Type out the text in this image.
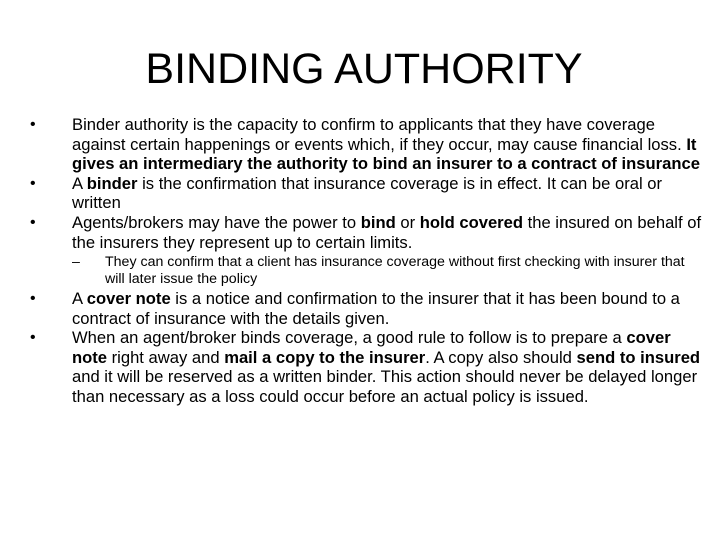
BINDING AUTHORITY
• Binder authority is the capacity to confirm to applicants that they have coverage against certain happenings or events which, if they occur, may cause financial loss. It gives an intermediary the authority to bind an insurer to a contract of insurance
• A binder is the confirmation that insurance coverage is in effect. It can be oral or written
• Agents/brokers may have the power to bind or hold covered the insured on behalf of the insurers they represent up to certain limits.
– They can confirm that a client has insurance coverage without first checking with insurer that will later issue the policy
• A cover note is a notice and confirmation to the insurer that it has been bound to a contract of insurance with the details given.
• When an agent/broker binds coverage, a good rule to follow is to prepare a cover note right away and mail a copy to the insurer. A copy also should send to insured and it will be reserved as a written binder. This action should never be delayed longer than necessary as a loss could occur before an actual policy is issued.
